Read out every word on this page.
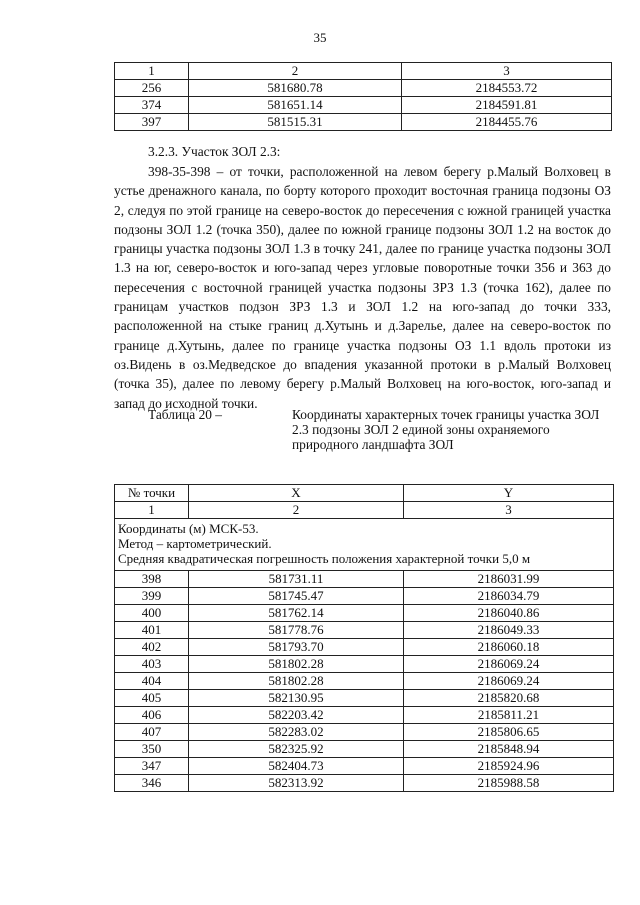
35
1	2	3
256	581680.78	2184553.72
374	581651.14	2184591.81
397	581515.31	2184455.76
3.2.3. Участок ЗОЛ 2.3:
398-35-398 – от точки, расположенной на левом берегу р.Малый Волховец в устье дренажного канала, по борту которого проходит восточная граница подзоны ОЗ 2, следуя по этой границе на северо-восток до пересечения с южной границей участка подзоны ЗОЛ 1.2 (точка 350), далее по южной границе подзоны ЗОЛ 1.2 на восток до границы участка подзоны ЗОЛ 1.3 в точку 241, далее по границе участка подзоны ЗОЛ 1.3 на юг, северо-восток и юго-запад через угловые поворотные точки 356 и 363 до пересечения с восточной границей участка подзоны ЗРЗ 1.3 (точка 162), далее по границам участков подзон ЗРЗ 1.3 и ЗОЛ 1.2 на юго-запад до точки 333, расположенной на стыке границ д.Хутынь и д.Зарелье, далее на северо-восток по границе д.Хутынь, далее по границе участка подзоны ОЗ 1.1 вдоль протоки из оз.Видень в оз.Медведское до впадения указанной протоки в р.Малый Волховец (точка 35), далее по левому берегу р.Малый Волховец на юго-восток, юго-запад и запад до исходной точки.
Таблица 20 –	Координаты характерных точек границы участка ЗОЛ 2.3 подзоны ЗОЛ 2 единой зоны охраняемого природного ландшафта ЗОЛ
№ точки	X	Y
1	2	3

Координаты (м) МСК-53.
Метод – картометрический.
Средняя квадратическая погрешность положения характерной точки 5,0 м		

398	581731.11	2186031.99
399	581745.47	2186034.79
400	581762.14	2186040.86
401	581778.76	2186049.33
402	581793.70	2186060.18
403	581802.28	2186069.24
404	581802.28	2186069.24
405	582130.95	2185820.68
406	582203.42	2185811.21
407	582283.02	2185806.65
350	582325.92	2185848.94
347	582404.73	2185924.96
346	582313.92	2185988.58
